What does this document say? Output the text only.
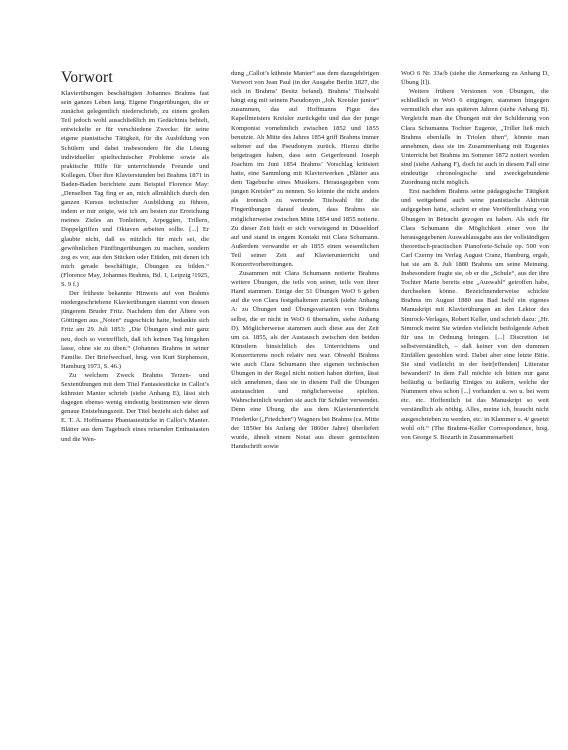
Vorwort

Klavierübungen beschäftigten Johannes Brahms fast sein ganzes Leben lang. Eigene Fingerübungen, die er zunächst gelegentlich niederschrieb, zu einem großen Teil jedoch wohl ausschließlich im Gedächtnis behielt, entwickelte er für verschiedene Zwecke: für seine eigene pianistische Tätigkeit, für die Ausbildung von Schülern und dabei insbesondere für die Lösung individueller spieltechnischer Probleme sowie als praktische Hilfe für unterrichtende Freunde und Kollegen. Über ihre Klavierstunden bei Brahms 1871 in Baden-Baden berichtete zum Beispiel Florence May: „Denselben Tag fing er an, mich allmählich durch den ganzen Kursus technischer Ausbildung zu führen, indem er mir zeigte, wie ich am besten zur Erreichung meines Zieles an Tonleitern, Arpeggien, Trillern, Doppelgriffen und Oktaven arbeiten sollte. [...] Er glaubte nicht, daß es nützlich für mich sei, die gewöhnlichen Fünffingerübungen zu machen, sondern zog es vor, aus den Stücken oder Etüden, mit denen ich mich gerade beschäftigte, Übungen zu bilden.“ (Florence May, Johannes Brahms, Bd. 1, Leipzig ²1925, S. 9 f.)

Der früheste bekannte Hinweis auf von Brahms niedergeschriebene Klavierübungen stammt von dessen jüngerem Bruder Fritz. Nachdem ihm der Ältere von Göttingen aus „Noten“ zugeschickt hatte, bedankte sich Fritz am 29. Juli 1853: „Die Übungen sind mir ganz neu, doch so vortrefflich, daß ich keinen Tag hingehen lasse, ohne sie zu üben.“ (Johannes Brahms in seiner Familie. Der Briefwechsel, hrsg. von Kurt Stephenson, Hamburg 1973, S. 46.)

Zu welchem Zweck Brahms Terzen- und Sextenübungen mit dem Titel Fantasiestücke in Callot’s kühnster Manier schrieb (siehe Anhang E), lässt sich dagegen ebenso wenig eindeutig bestimmen wie deren genaue Entstehungszeit. Der Titel bezieht sich dabei auf E. T. A. Hoffmanns Phantasiestücke in Callot’s Manier. Blätter aus dem Tagebuch eines reisenden Enthusiasten und die Wen-

dung „Callot’s kühnste Manier“ aus dem dazugehörigen Vorwort von Jean Paul (in der Ausgabe Berlin 1827, die sich in Brahms’ Besitz befand). Brahms’ Titelwahl hängt eng mit seinem Pseudonym „Joh. Kreisler junior“ zusammen, das auf Hoffmanns Figur des Kapellmeisters Kreisler zurückgeht und das der junge Komponist vornehmlich zwischen 1852 und 1855 benutzte. Ab Mitte des Jahres 1854 griff Brahms immer seltener auf das Pseudonym zurück. Hierzu dürfte beigetragen haben, dass sein Geigerfreund Joseph Joachim im Juni 1854 Brahms’ Vorschlag kritisiert hatte, eine Sammlung mit Klavierwerken „Blätter aus dem Tagebuche eines Musikers. Herausgegeben vom jungen Kreisler“ zu nennen. So könnte die nicht anders als ironisch zu wertende Titelwahl für die Fingerübungen darauf deuten, dass Brahms sie möglicherweise zwischen Mitte 1854 und 1855 notierte. Zu dieser Zeit hielt er sich vorwiegend in Düsseldorf auf und stand in engem Kontakt mit Clara Schumann. Außerdem verwandte er ab 1855 einen wesentlichen Teil seiner Zeit auf Klavierunterricht und Konzertvorbereitungen.

Zusammen mit Clara Schumann notierte Brahms weitere Übungen, die teils von seiner, teils von ihrer Hand stammen. Einige der 51 Übungen WoO 6 geben auf die von Clara festgehaltenen zurück (siehe Anhang A: zu Übungen und Übungsvarianten von Brahms selbst, die er nicht in WoO 6 übernahm, siehe Anhang D). Möglicherweise stammen auch diese aus der Zeit um ca. 1855, als der Austausch zwischen den beiden Künstlern hinsichtlich des Unterrichtens und Konzertierens noch relativ neu war. Obwohl Brahms wie auch Clara Schumann ihre eigenen technischen Übungen in der Regel nicht notiert haben dürften, lässt sich annehmen, dass sie in diesem Fall die Übungen austauschten und möglicherweise spielten. Wahrscheinlich wurden sie auch für Schüler verwendet. Denn eine Übung, die aus dem Klavierunterricht Friederike („Friedchen“) Wagners bei Brahms (ca. Mitte der 1850er bis Anfang der 1860er Jahre) überliefert wurde, ähnelt einem Notat aus dieser gemischten Handschrift sowie

WoO 6 Nr. 33a/b (siehe die Anmerkung zu Anhang D, Übung [I]).

Weitere frühere Versionen von Übungen, die schließlich in WoO 6 eingingen, stammen hingegen vermutlich eher aus späteren Jahren (siehe Anhang B). Vergleicht man die Übungen mit der Schilderung von Clara Schumanns Tochter Eugenie, „Triller ließ mich Brahms ebenfalls in Triolen üben“, könnte man annehmen, dass sie im Zusammenhang mit Eugenies Unterricht bei Brahms im Sommer 1872 notiert worden sind (siehe Anhang F), doch ist auch in diesem Fall eine eindeutige chronologische und zweckgebundene Zuordnung nicht möglich.

Erst nachdem Brahms seine pädagogische Tätigkeit und weitgehend auch seine pianistische Aktivität aufgegeben hatte, scheint er eine Veröffentlichung von Übungen in Betracht gezogen zu haben. Als sich für Clara Schumann die Möglichkeit einer von ihr herausgegebenen Auswahlausgabe aus der vollständigen theoretisch-practischen Pianoforte-Schule op. 500 von Carl Czerny im Verlag August Cranz, Hamburg, ergab, hat sie am 8. Juli 1880 Brahms um seine Meinung. Insbesondere fragte sie, ob er die „Schule“, aus der ihre Tochter Marie bereits eine „Auswahl“ getroffen habe, durchsehen könne. Bezeichnenderweise schickte Brahms im August 1880 aus Bad Ischl ein eigenes Manuskript mit Klavierübungen an den Lektor des Simrock-Verlages, Robert Keller, und schrieb dazu: „Hr. Simrock meint Sie würden vielleicht beifolgende Arbeit für uns in Ordnung bringen. [...] Discretion ist selbstverständlich, – daß keiner von den dummen Einfällen gestohlen wird. Dabei aber eine letzte Bitte. Sie sind vielleicht in der betr[effenden] Litteratur bewandert? In dem Fall möchte ich bitten mir ganz beiläufig u. beiläufig Einiges zu äußern, welche der Nummern etwa schon [...] vorhanden u. wo u. bei wem etc. etc. Hoffentlich ist das Manuskript so weit verständlich als nöthig. Alles, meine ich, braucht nicht ausgeschrieben zu werden, etc. in Klammer u. 4/ gesetzt wohl oft.“ (The Brahms-Keller Correspondence, hrsg. von George S. Bozarth in Zusammenarbeit
